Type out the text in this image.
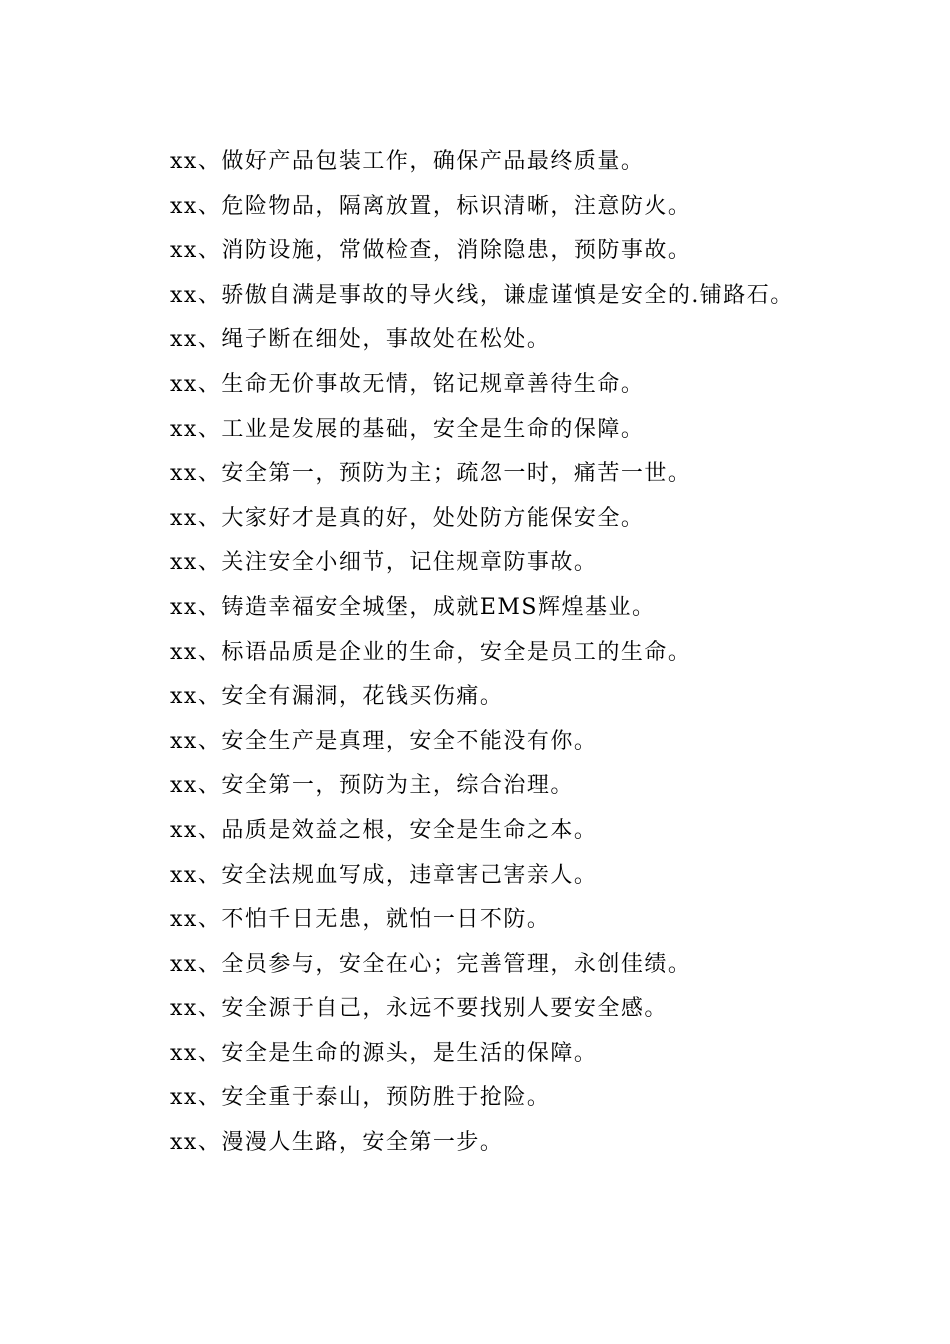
xx、做好产品包装工作，确保产品最终质量。
xx、危险物品，隔离放置，标识清晰，注意防火。
xx、消防设施，常做检查，消除隐患，预防事故。
xx、骄傲自满是事故的导火线，谦虚谨慎是安全的.铺路石。
xx、绳子断在细处，事故处在松处。
xx、生命无价事故无情，铭记规章善待生命。
xx、工业是发展的基础，安全是生命的保障。
xx、安全第一，预防为主；疏忽一时，痛苦一世。
xx、大家好才是真的好，处处防方能保安全。
xx、关注安全小细节，记住规章防事故。
xx、铸造幸福安全城堡，成就EMS辉煌基业。
xx、标语品质是企业的生命，安全是员工的生命。
xx、安全有漏洞，花钱买伤痛。
xx、安全生产是真理，安全不能没有你。
xx、安全第一，预防为主，综合治理。
xx、品质是效益之根，安全是生命之本。
xx、安全法规血写成，违章害己害亲人。
xx、不怕千日无患，就怕一日不防。
xx、全员参与，安全在心；完善管理，永创佳绩。
xx、安全源于自己，永远不要找别人要安全感。
xx、安全是生命的源头，是生活的保障。
xx、安全重于泰山，预防胜于抢险。
xx、漫漫人生路，安全第一步。
